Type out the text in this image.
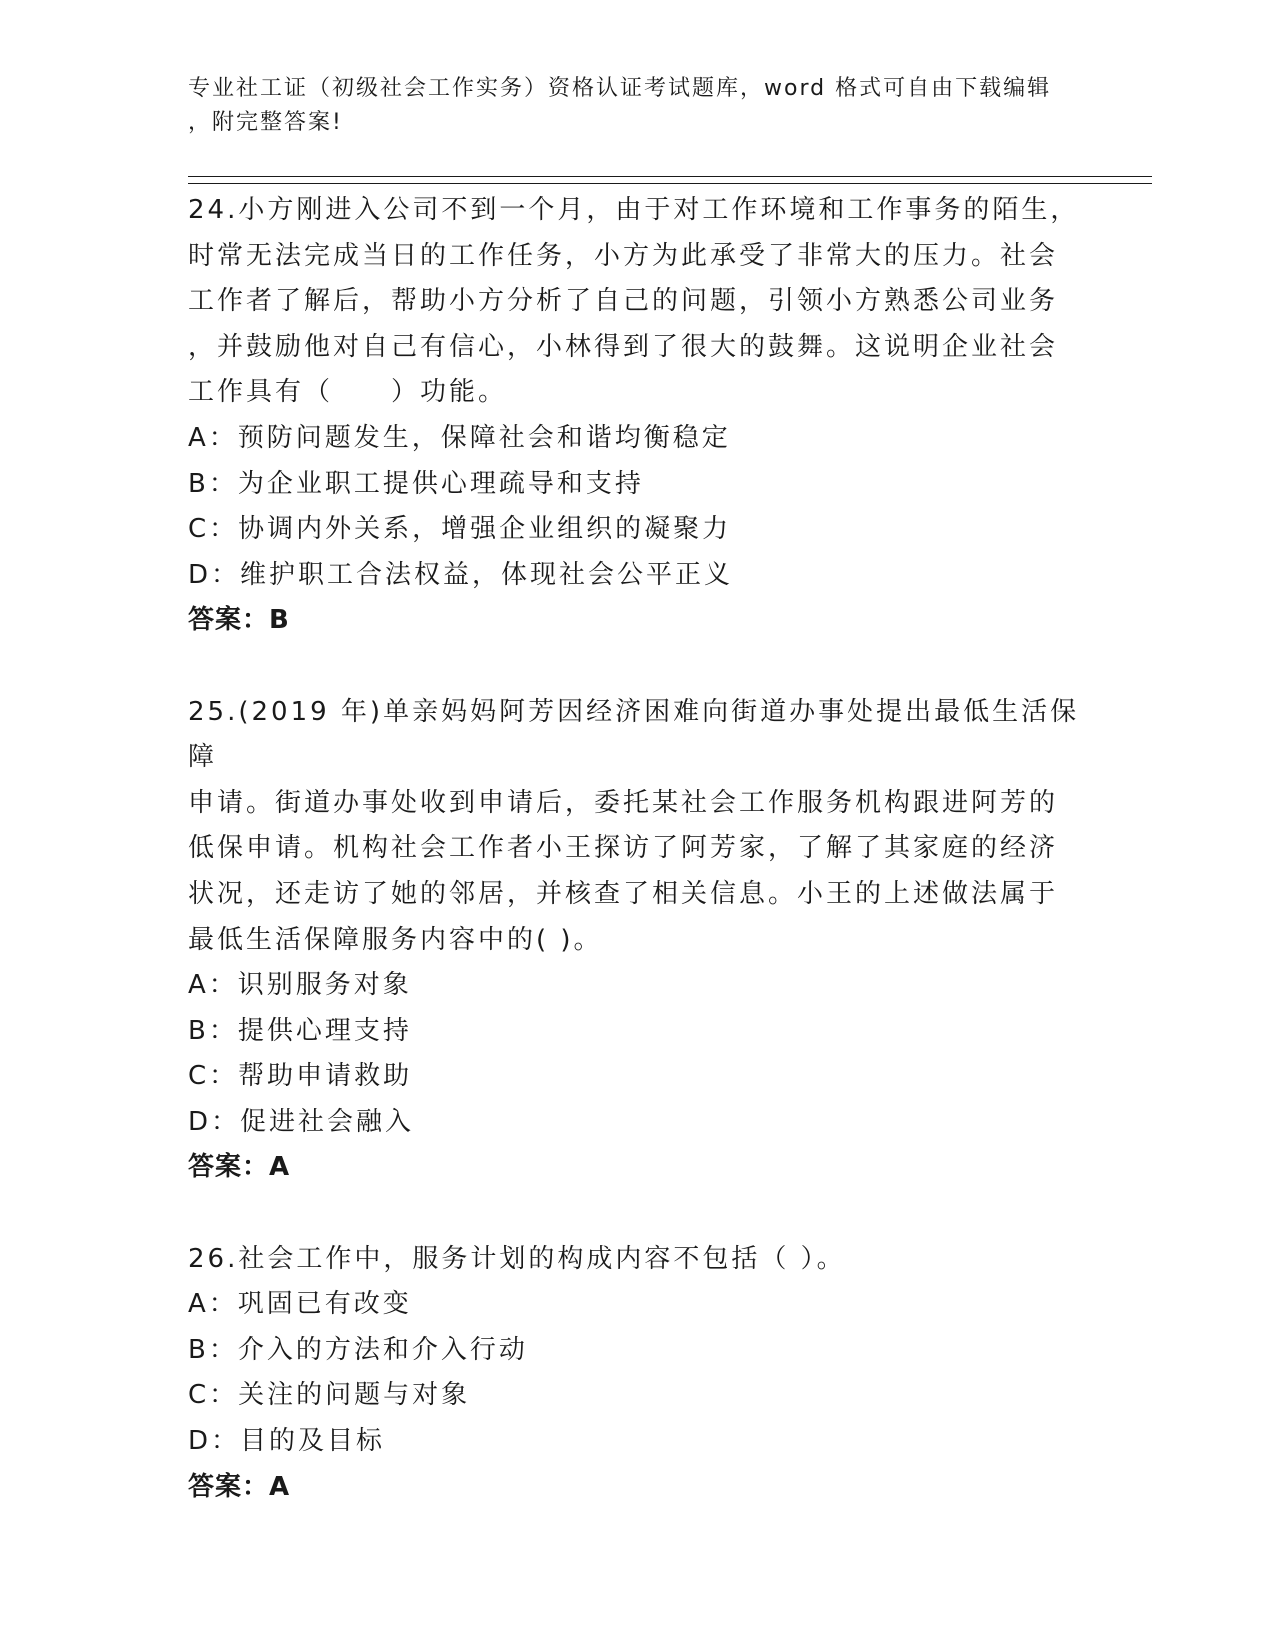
专业社工证（初级社会工作实务）资格认证考试题库，word 格式可自由下载编辑
，附完整答案!
24.小方刚进入公司不到一个月，由于对工作环境和工作事务的陌生，
时常无法完成当日的工作任务，小方为此承受了非常大的压力。社会
工作者了解后，帮助小方分析了自己的问题，引领小方熟悉公司业务
，并鼓励他对自己有信心，小林得到了很大的鼓舞。这说明企业社会
工作具有（　　）功能。
A：预防问题发生，保障社会和谐均衡稳定
B：为企业职工提供心理疏导和支持
C：协调内外关系，增强企业组织的凝聚力
D：维护职工合法权益，体现社会公平正义
答案：B
25.(2019 年)单亲妈妈阿芳因经济困难向街道办事处提出最低生活保障
申请。街道办事处收到申请后，委托某社会工作服务机构跟进阿芳的
低保申请。机构社会工作者小王探访了阿芳家，了解了其家庭的经济
状况，还走访了她的邻居，并核查了相关信息。小王的上述做法属于
最低生活保障服务内容中的( )。
A：识别服务对象
B：提供心理支持
C：帮助申请救助
D：促进社会融入
答案：A
26.社会工作中，服务计划的构成内容不包括（ ）。
A：巩固已有改变
B：介入的方法和介入行动
C：关注的问题与对象
D：目的及目标
答案：A
